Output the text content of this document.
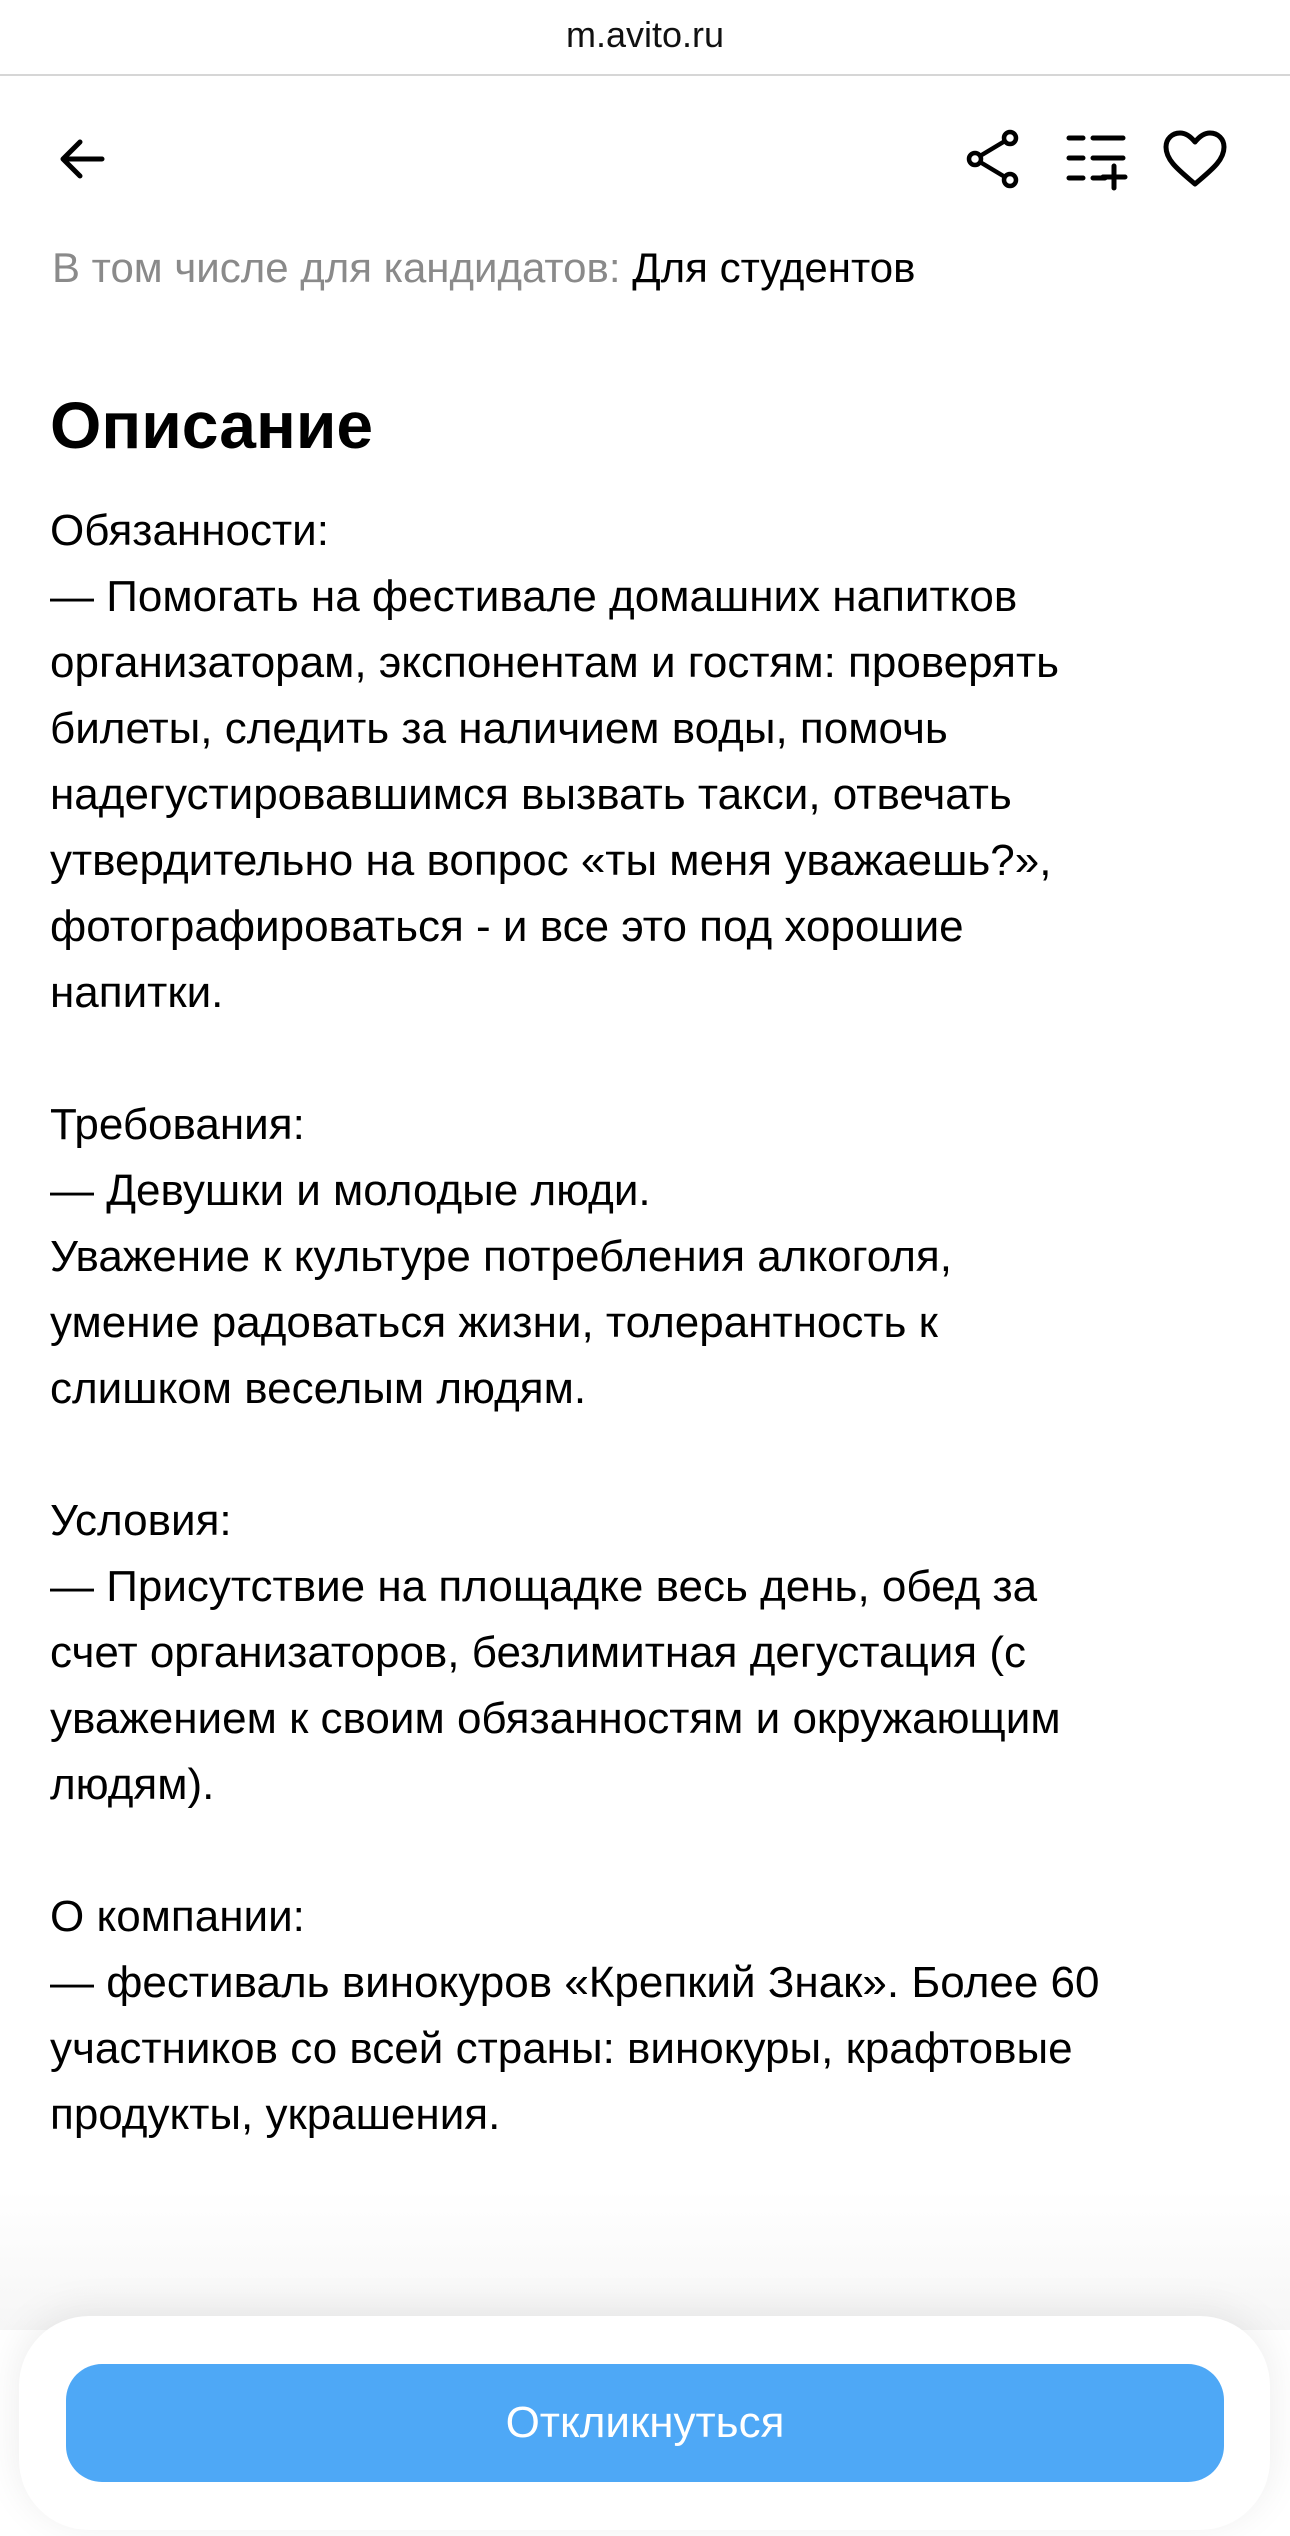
m.avito.ru
В том числе для кандидатов: Для студентов
Описание
Обязанности:
— Помогать на фестивале домашних напитков
организаторам, экспонентам и гостям: проверять
билеты, следить за наличием воды, помочь
надегустировавшимся вызвать такси, отвечать
утвердительно на вопрос «ты меня уважаешь?»,
фотографироваться - и все это под хорошие
напитки.
Требования:
— Девушки и молодые люди.
Уважение к культуре потребления алкоголя,
умение радоваться жизни, толерантность к
слишком веселым людям.
Условия:
— Присутствие на площадке весь день, обед за
счет организаторов, безлимитная дегустация (с
уважением к своим обязанностям и окружающим
людям).
О компании:
— фестиваль винокуров «Крепкий Знак». Более 60
участников со всей страны: винокуры, крафтовые
продукты, украшения.
Откликнуться
